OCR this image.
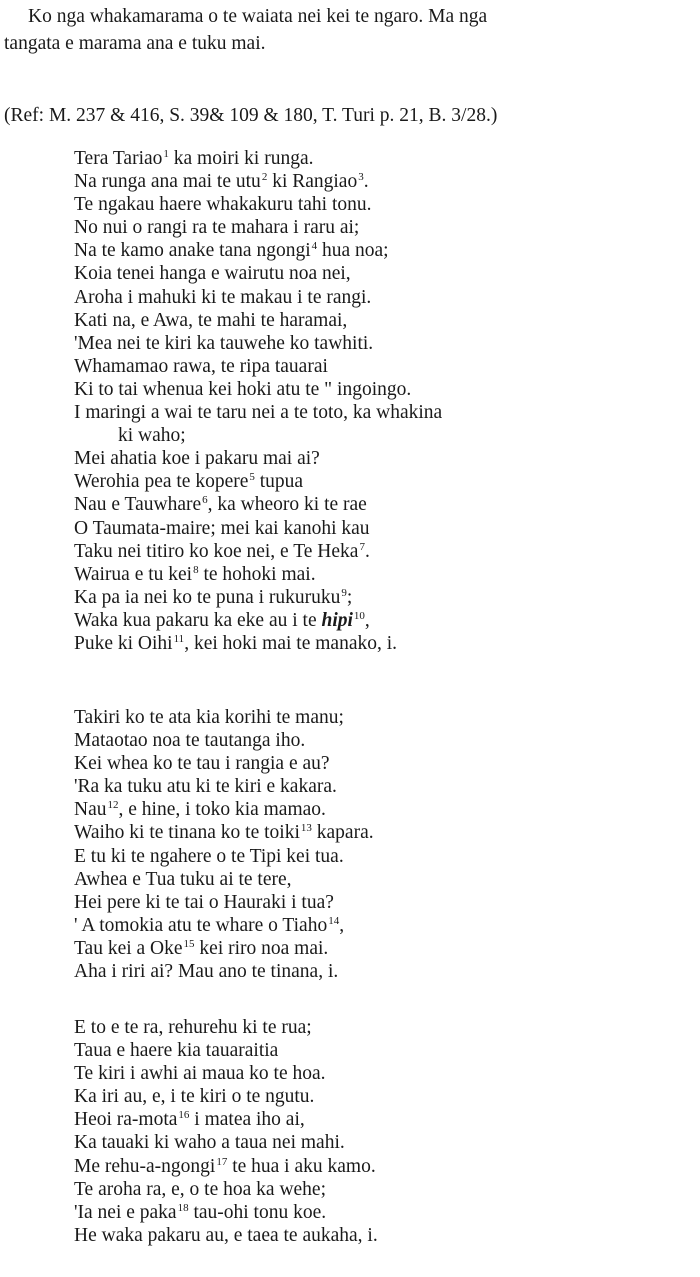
Ko nga whakamarama o te waiata nei kei te ngaro. Ma nga
tangata e marama ana e tuku mai.
(Ref: M. 237 & 416, S. 39& 109 & 180, T. Turi p. 21, B. 3/28.)
Tera Tariao$^1$ ka moiri ki runga.
Na runga ana mai te utu$^2$ ki Rangiao$^3$.
Te ngakau haere whakakuru tahi tonu.
No nui o rangi ra te mahara i raru ai;
Na te kamo anake tana ngongi$^4$ hua noa;
Koia tenei hanga e wairutu noa nei,
Aroha i mahuki ki te makau i te rangi.
Kati na, e Awa, te mahi te haramai,
'Mea nei te kiri ka tauwehe ko tawhiti.
Whamamao rawa, te ripa tauarai
Ki to tai whenua kei hoki atu te " ingoingo.
I maringi a wai te taru nei a te toto, ka whakina
ki waho;
Mei ahatia koe i pakaru mai ai?
Werohia pea te kopere$^5$ tupua
Nau e Tauwhare$^6$, ka wheoro ki te rae
O Taumata-maire; mei kai kanohi kau
Taku nei titiro ko koe nei, e Te Heka$^7$.
Wairua e tu kei$^8$ te hohoki mai.
Ka pa ia nei ko te puna i rukuruku$^9$;
Waka kua pakaru ka eke au i te hipi$^{10}$,
Puke ki Oihi$^{11}$, kei hoki mai te manako, i.
Takiri ko te ata kia korihi te manu;
Mataotao noa te tautanga iho.
Kei whea ko te tau i rangia e au?
'Ra ka tuku atu ki te kiri e kakara.
Nau$^{12}$, e hine, i toko kia mamao.
Waiho ki te tinana ko te toiki$^{13}$ kapara.
E tu ki te ngahere o te Tipi kei tua.
Awhea e Tua tuku ai te tere,
Hei pere ki te tai o Hauraki i tua?
' A tomokia atu te whare o Tiaho$^{14}$,
Tau kei a Oke$^{15}$ kei riro noa mai.
Aha i riri ai? Mau ano te tinana, i.
E to e te ra, rehurehu ki te rua;
Taua e haere kia tauaraitia
Te kiri i awhi ai maua ko te hoa.
Ka iri au, e, i te kiri o te ngutu.
Heoi ra-mota$^{16}$ i matea iho ai,
Ka tauaki ki waho a taua nei mahi.
Me rehu-a-ngongi$^{17}$ te hua i aku kamo.
Te aroha ra, e, o te hoa ka wehe;
'Ia nei e paka$^{18}$ tau-ohi tonu koe.
He waka pakaru au, e taea te aukaha, i.
